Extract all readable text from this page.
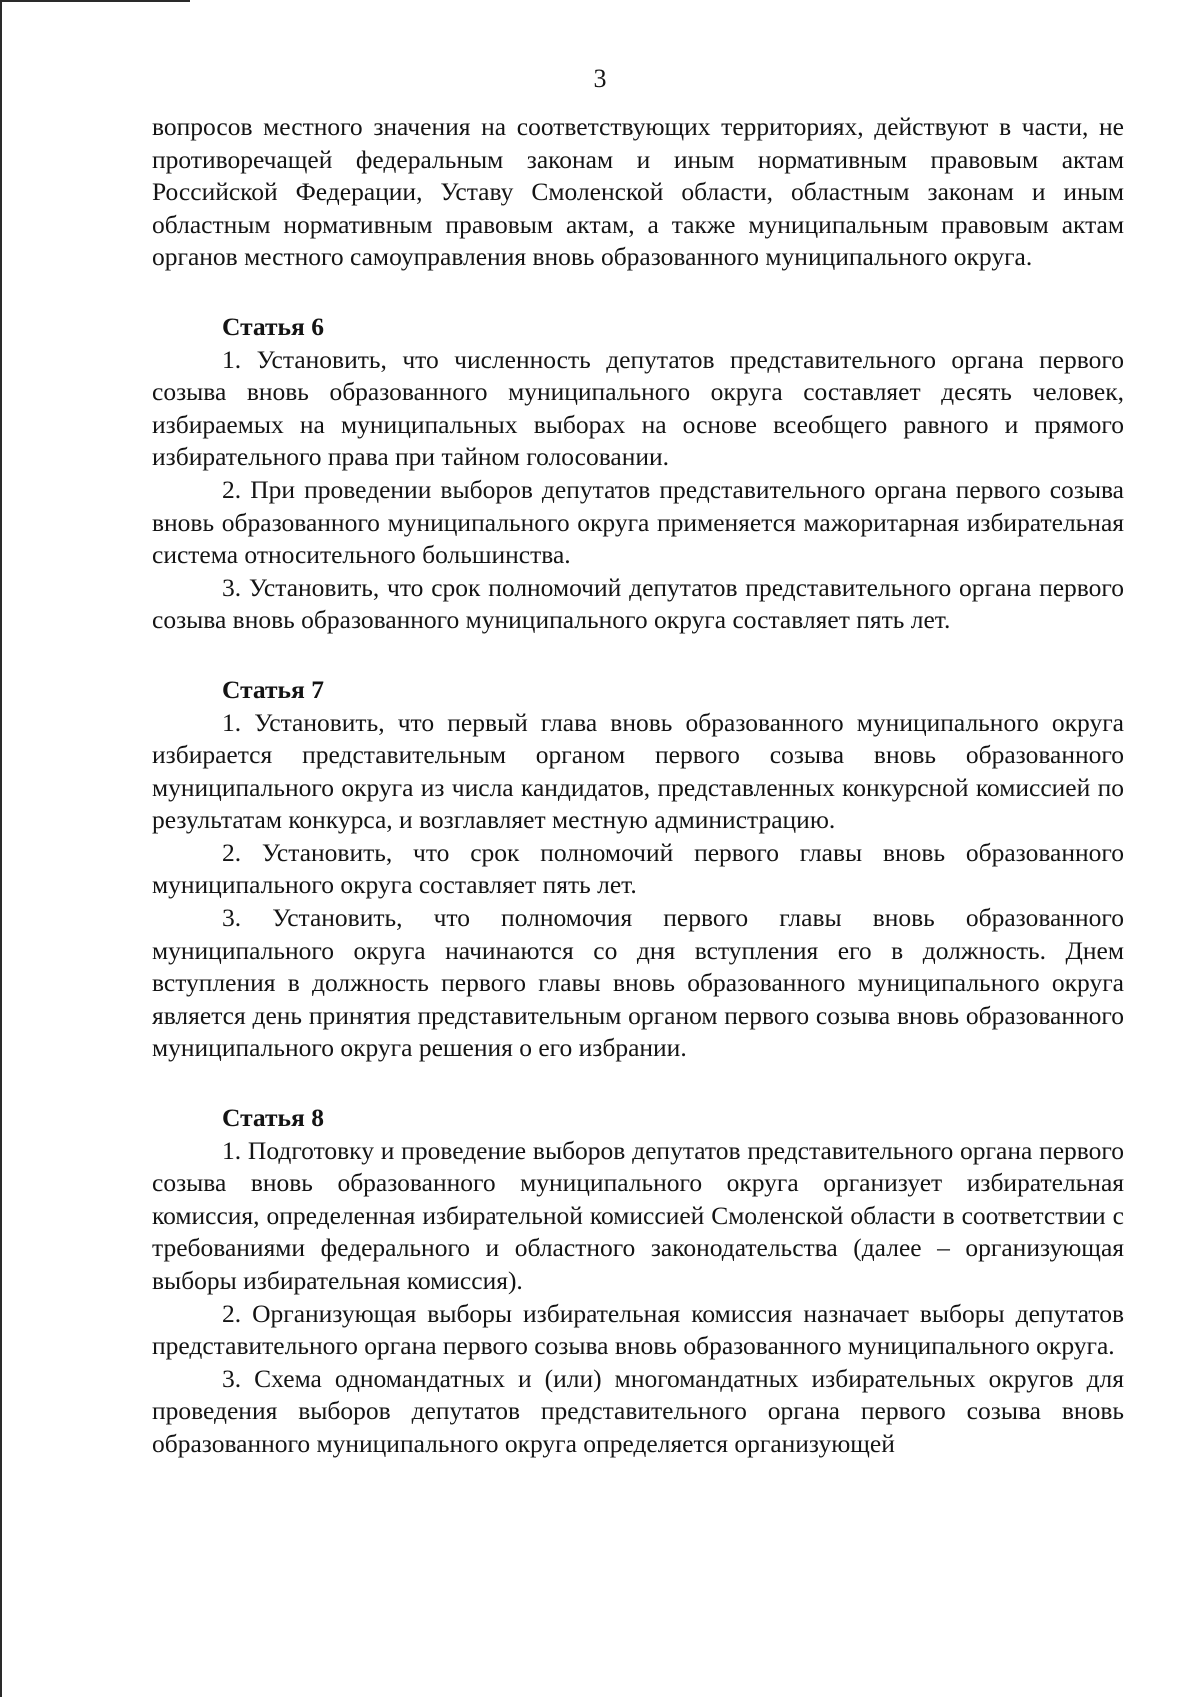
3

вопросов местного значения на соответствующих территориях, действуют в части, не противоречащей федеральным законам и иным нормативным правовым актам Российской Федерации, Уставу Смоленской области, областным законам и иным областным нормативным правовым актам, а также муниципальным правовым актам органов местного самоуправления вновь образованного муниципального округа.

Статья 6

1. Установить, что численность депутатов представительного органа первого созыва вновь образованного муниципального округа составляет десять человек, избираемых на муниципальных выборах на основе всеобщего равного и прямого избирательного права при тайном голосовании.

2. При проведении выборов депутатов представительного органа первого созыва вновь образованного муниципального округа применяется мажоритарная избирательная система относительного большинства.

3. Установить, что срок полномочий депутатов представительного органа первого созыва вновь образованного муниципального округа составляет пять лет.

Статья 7

1. Установить, что первый глава вновь образованного муниципального округа избирается представительным органом первого созыва вновь образованного муниципального округа из числа кандидатов, представленных конкурсной комиссией по результатам конкурса, и возглавляет местную администрацию.

2. Установить, что срок полномочий первого главы вновь образованного муниципального округа составляет пять лет.

3. Установить, что полномочия первого главы вновь образованного муниципального округа начинаются со дня вступления его в должность. Днем вступления в должность первого главы вновь образованного муниципального округа является день принятия представительным органом первого созыва вновь образованного муниципального округа решения о его избрании.

Статья 8

1. Подготовку и проведение выборов депутатов представительного органа первого созыва вновь образованного муниципального округа организует избирательная комиссия, определенная избирательной комиссией Смоленской области в соответствии с требованиями федерального и областного законодательства (далее – организующая выборы избирательная комиссия).

2. Организующая выборы избирательная комиссия назначает выборы депутатов представительного органа первого созыва вновь образованного муниципального округа.

3. Схема одномандатных и (или) многомандатных избирательных округов для проведения выборов депутатов представительного органа первого созыва вновь образованного муниципального округа определяется организующей
